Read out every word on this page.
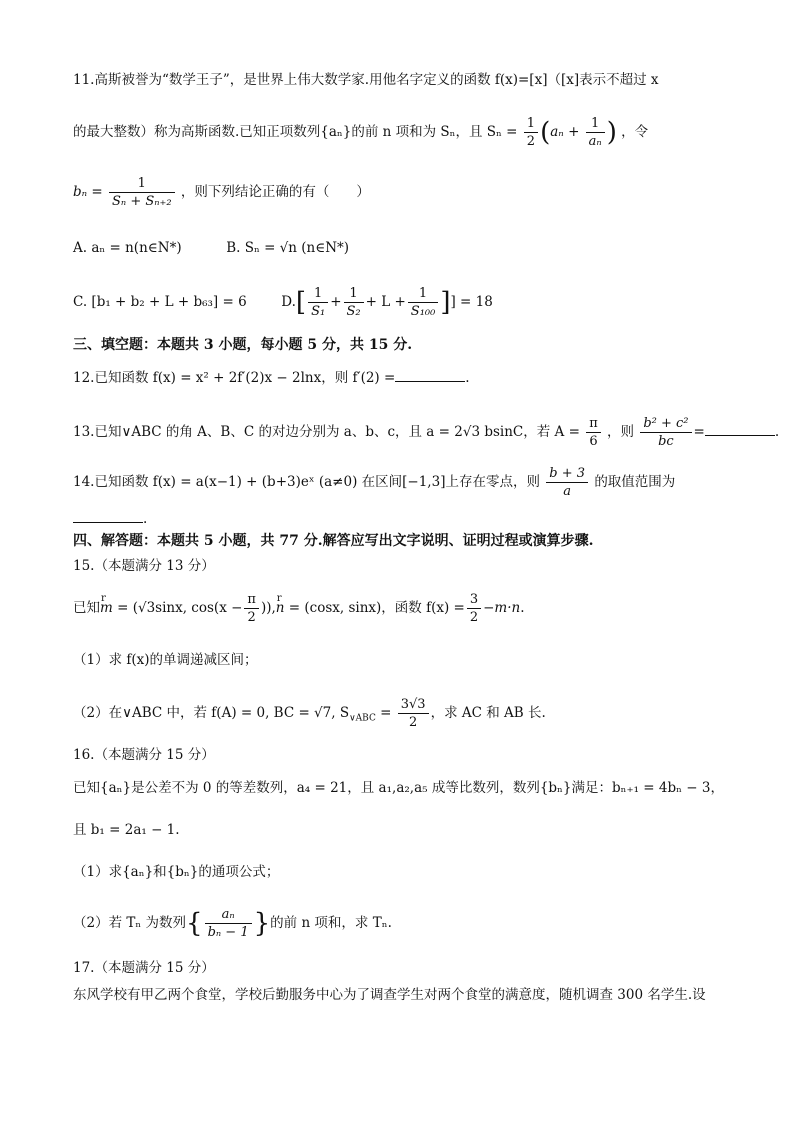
11.高斯被誉为“数学王子”，是世界上伟大数学家.用他名字定义的函数 f(x)=[x]（[x]表示不超过 x
的最大整数）称为高斯函数.已知正项数列{aₙ}的前 n 项和为 Sₙ，且 $S_n = \frac{1}{2} (a_n + \frac{1}{\text{aₙ}}$ ) ，令
$b_n = \frac{1}{\text{Sₙ + Sₙ₊₂}}$ ，则下列结论正确的有（　　）
A. aₙ = n(n∈N*)	B. Sₙ = √n (n∈N*)
C. [b₁ + b₂ + L + b₆₃] = 6	$D.[ \frac{1}{\text{S₁}} + \frac{1}{\text{S₂}} + L + \frac{1}{\text{S₁₀₀}}$ ]] = 18
三、填空题：本题共 3 小题，每小题 5 分，共 15 分.
12.已知函数 f(x) = x² + 2f′(2)x − 2lnx，则 f′(2) =	.
13.已知∨ABC 的角 A、B、C 的对边分别为 a、b、c，且 a = 2√3 bsinC，若 $A = \frac{\pi}{6}$ ，则 $\frac{\text{b² + c²}}{bc}$ =	.
14.已知函数 f(x) = a(x−1) + (b+3)eˣ (a≠0) 在区间[−1,3]上存在零点，则 $\frac{b + 3}{a}$ 的取值范围为
.
四、解答题：本题共 5 小题，共 77 分.解答应写出文字说明、证明过程或演算步骤.
15.（本题满分 13 分）
已知r m = (√3sinx, $\cos(x - \frac{\pi}{2} )),r$ n = (cosx, sinx)，函数 $f(x) = \frac{3}{2} -m\cdot n$.
（1）求 f(x)的单调递减区间；
（2）在∨ABC 中，若 f(A) = 0, BC = √7, $S_{\vee ABC} = \frac{3√3}{2}$ ，求 AC 和 AB 长.
16.（本题满分 15 分）
已知{aₙ}是公差不为 0 的等差数列，a₄ = 21，且 a₁,a₂,a₅ 成等比数列，数列{bₙ}满足：bₙ₊₁ = 4bₙ − 3，
且 b₁ = 2a₁ − 1.
（1）求{aₙ}和{bₙ}的通项公式；
（2）若 Tₙ 为数列{ $\frac{\text{aₙ}}{\text{bₙ − 1}}$ }的前 n 项和，求 Tₙ.
17.（本题满分 15 分）
东风学校有甲乙两个食堂，学校后勤服务中心为了调查学生对两个食堂的满意度，随机调查 300 名学生.设
